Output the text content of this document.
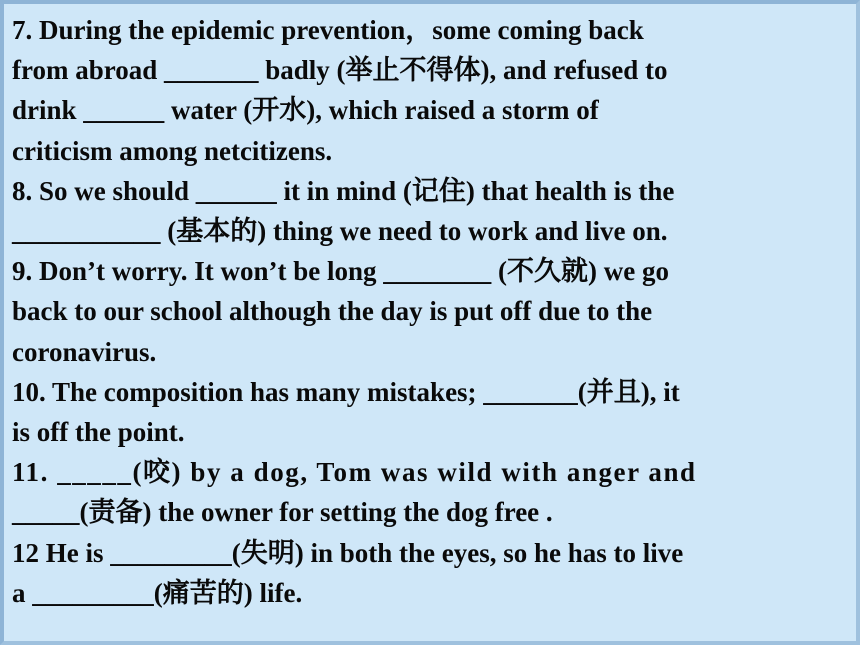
7. During the epidemic prevention，some coming back
from abroad _______ badly (举止不得体), and refused to
drink ______ water (开水), which raised a storm of
criticism among netcitizens.

8. So we should ______ it in mind (记住) that health is the
___________ (基本的) thing we need to work and live on.

9. Don’t worry. It won’t be long ________ (不久就) we go
back to our school although the day is put off due to the
coronavirus.

10. The composition has many mistakes; _______(并且), it
is off the point.

11. _____(咬) by a dog, Tom was wild with anger and
_____(责备) the owner for setting the dog free .

12 He is _________(失明) in both the eyes, so he has to live
a _________(痛苦的) life.
